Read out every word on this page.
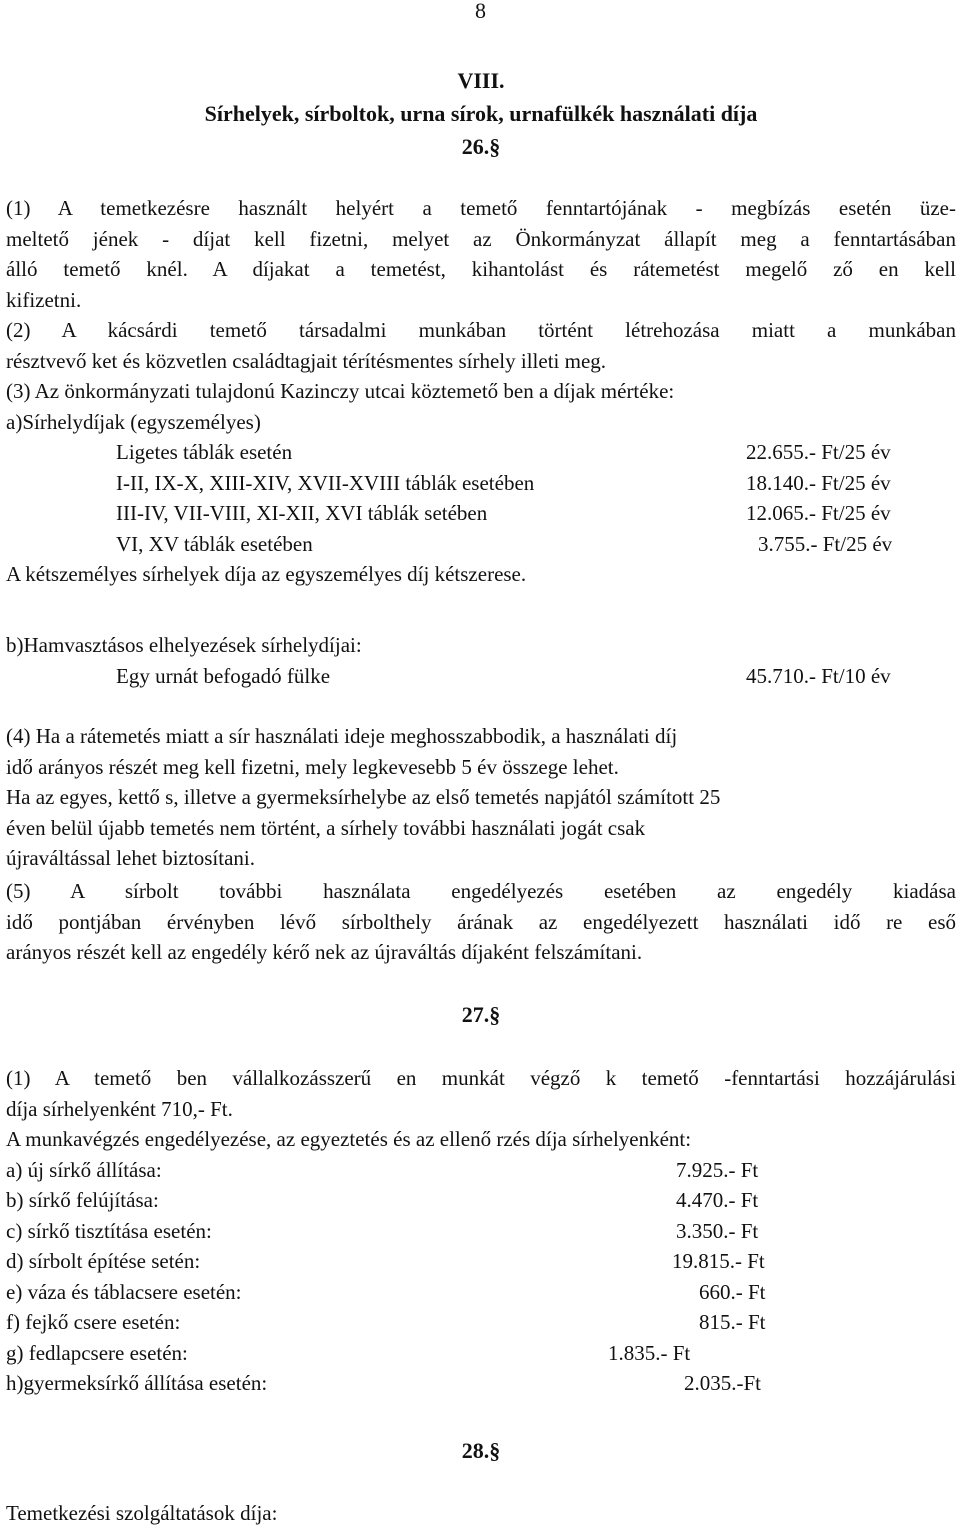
8
VIII.
Sírhelyek, sírboltok, urna sírok, urnafülkék használati díja
26.§
(1) A temetkezésre használt helyért a temető fenntartójának - megbízás esetén üze-
meltető jének - díjat kell fizetni, melyet az Önkormányzat állapít meg a fenntartásában
álló temető knél. A díjakat a temetést, kihantolást és rátemetést megelő ző en kell
kifizetni.
(2) A kácsárdi temető társadalmi munkában történt létrehozása miatt a munkában
résztvevő ket és közvetlen családtagjait térítésmentes sírhely illeti meg.
(3) Az önkormányzati tulajdonú Kazinczy utcai köztemető ben a díjak mértéke:
a)Sírhelydíjak (egyszemélyes)
Ligetes táblák esetén	22.655.- Ft/25 év
I-II, IX-X, XIII-XIV, XVII-XVIII táblák esetében	18.140.- Ft/25 év
III-IV, VII-VIII, XI-XII, XVI táblák setében	12.065.- Ft/25 év
VI, XV táblák esetében	3.755.- Ft/25 év
A kétszemélyes sírhelyek díja az egyszemélyes díj kétszerese.
b)Hamvasztásos elhelyezések sírhelydíjai:
Egy urnát befogadó fülke	45.710.- Ft/10 év
(4) Ha a rátemetés miatt a sír használati ideje meghosszabbodik, a használati díj
idő arányos részét meg kell fizetni, mely legkevesebb 5 év összege lehet.
Ha az egyes, kettő s, illetve a gyermeksírhelybe az első temetés napjától számított 25
éven belül újabb temetés nem történt, a sírhely további használati jogát csak
újraváltással lehet biztosítani.
(5) A sírbolt további használata engedélyezés esetében az engedély kiadása
idő pontjában érvényben lévő sírbolthely árának az engedélyezett használati idő re eső
arányos részét kell az engedély kérő nek az újraváltás díjaként felszámítani.
27.§
(1) A temető ben vállalkozásszerű en munkát végző k temető -fenntartási hozzájárulási
díja sírhelyenként 710,- Ft.
A munkavégzés engedélyezése, az egyeztetés és az ellenő rzés díja sírhelyenként:
a) új sírkő állítása:	7.925.- Ft
b) sírkő felújítása:	4.470.- Ft
c) sírkő tisztítása esetén:	3.350.- Ft
d) sírbolt építése setén:	19.815.- Ft
e) váza és táblacsere esetén:	660.- Ft
f) fejkő csere esetén:	815.- Ft
g) fedlapcsere esetén:	1.835.- Ft
h)gyermeksírkő állítása esetén:	2.035.-Ft
28.§
Temetkezési szolgáltatások díja:
